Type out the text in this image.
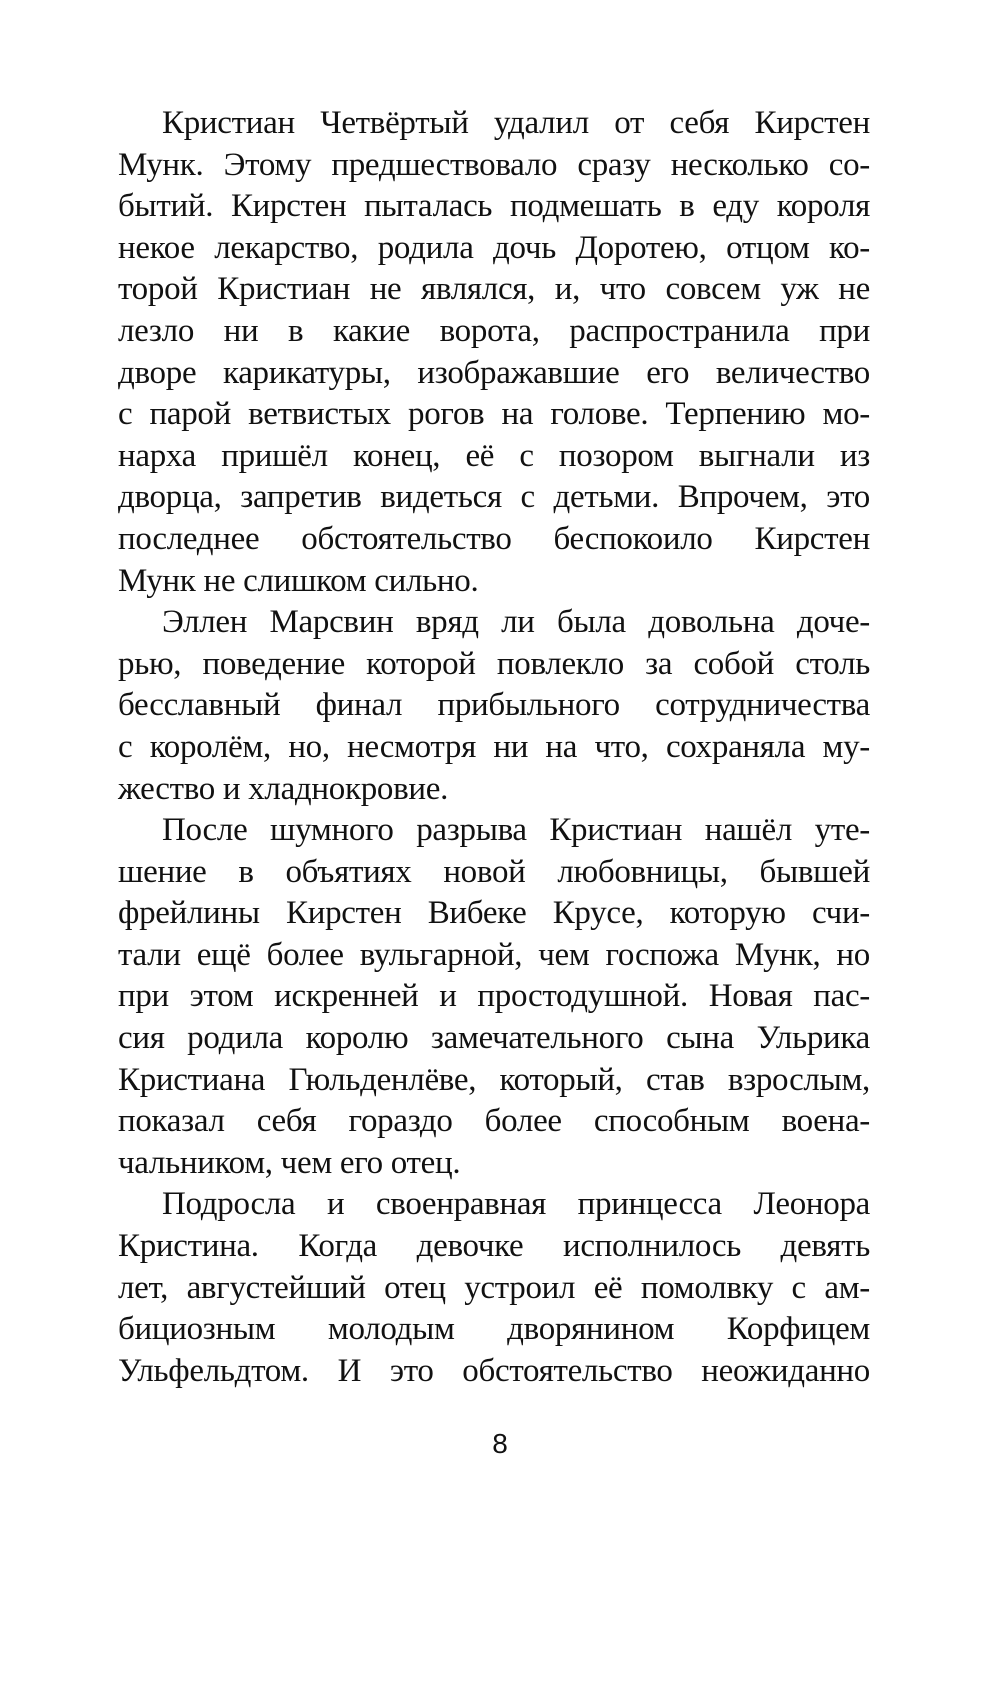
Кристиан Четвёртый удалил от себя Кирстен
Мунк. Этому предшествовало сразу несколько со-
бытий. Кирстен пыталась подмешать в еду короля
некое лекарство, родила дочь Доротею, отцом ко-
торой Кристиан не являлся, и, что совсем уж не
лезло ни в какие ворота, распространила при
дворе карикатуры, изображавшие его величество
с парой ветвистых рогов на голове. Терпению мо-
нарха пришёл конец, её с позором выгнали из
дворца, запретив видеться с детьми. Впрочем, это
последнее обстоятельство беспокоило Кирстен
Мунк не слишком сильно.
Эллен Марсвин вряд ли была довольна доче-
рью, поведение которой повлекло за собой столь
бесславный финал прибыльного сотрудничества
с королём, но, несмотря ни на что, сохраняла му-
жество и хладнокровие.
После шумного разрыва Кристиан нашёл уте-
шение в объятиях новой любовницы, бывшей
фрейлины Кирстен Вибеке Крусе, которую счи-
тали ещё более вульгарной, чем госпожа Мунк, но
при этом искренней и простодушной. Новая пас-
сия родила королю замечательного сына Ульрика
Кристиана Гюльденлёве, который, став взрослым,
показал себя гораздо более способным воена-
чальником, чем его отец.
Подросла и своенравная принцесса Леонора
Кристина. Когда девочке исполнилось девять
лет, августейший отец устроил её помолвку с ам-
бициозным молодым дворянином Корфицем
Ульфельдтом. И это обстоятельство неожиданно
8
